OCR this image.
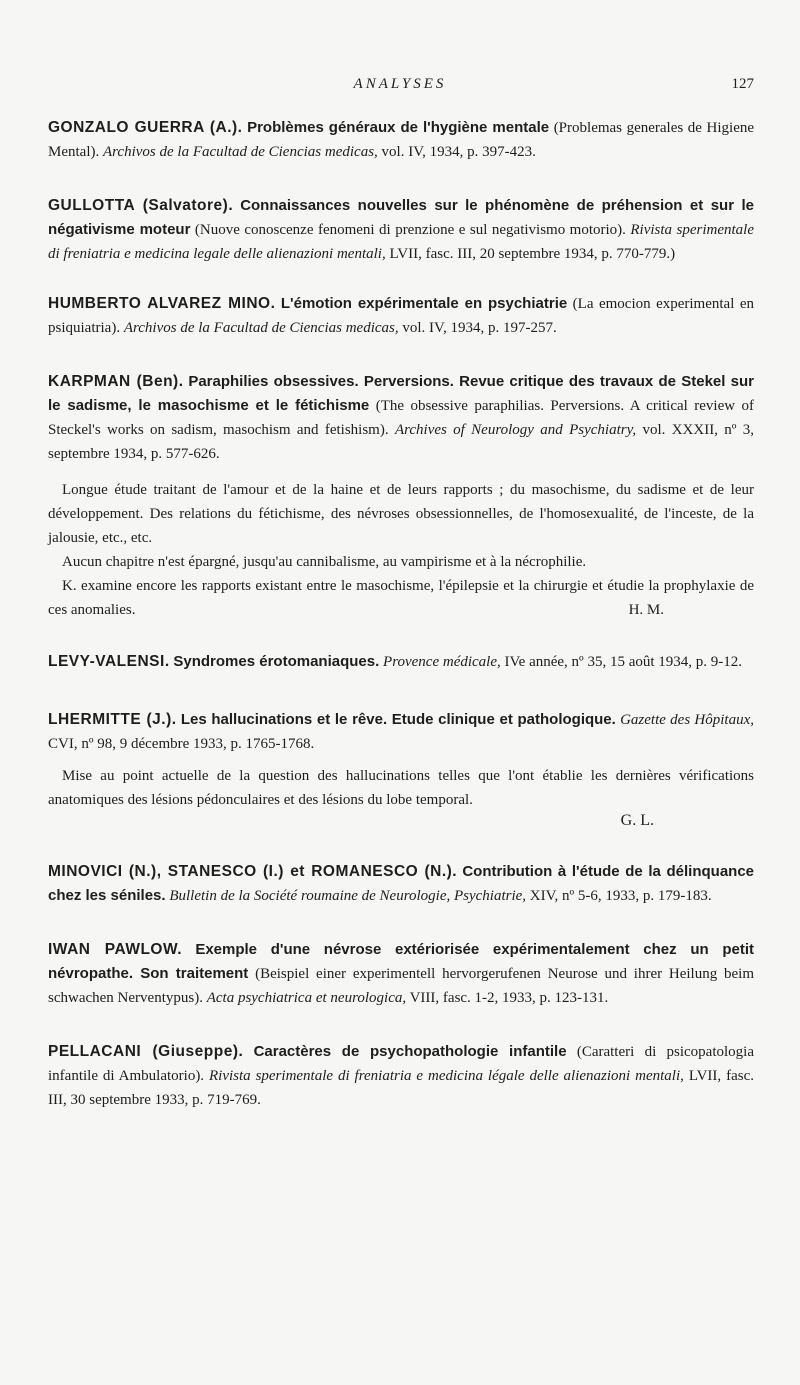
ANALYSES	127

GONZALO GUERRA (A.). Problèmes généraux de l'hygiène mentale (Problemas generales de Higiene Mental). Archivos de la Facultad de Ciencias medicas, vol. IV, 1934, p. 397-423.

GULLOTTA (Salvatore). Connaissances nouvelles sur le phénomène de préhension et sur le négativisme moteur (Nuove conoscenze fenomeni di prenzione e sul negativismo motorio). Rivista sperimentale di freniatria e medicina legale delle alienazioni mentali, LVII, fasc. III, 20 septembre 1934, p. 770-779.)

HUMBERTO ALVAREZ MINO. L'émotion expérimentale en psychiatrie (La emocion experimental en psiquiatria). Archivos de la Facultad de Ciencias medicas, vol. IV, 1934, p. 197-257.

KARPMAN (Ben). Paraphilies obsessives. Perversions. Revue critique des travaux de Stekel sur le sadisme, le masochisme et le fétichisme (The obsessive paraphilias. Perversions. A critical review of Steckel's works on sadism, masochism and fetishism). Archives of Neurology and Psychiatry, vol. XXXII, nº 3, septembre 1934, p. 577-626.

Longue étude traitant de l'amour et de la haine et de leurs rapports ; du masochisme, du sadisme et de leur développement. Des relations du fétichisme, des névroses obsessionnelles, de l'homosexualité, de l'inceste, de la jalousie, etc., etc.

Aucun chapitre n'est épargné, jusqu'au cannibalisme, au vampirisme et à la nécrophilie.

K. examine encore les rapports existant entre le masochisme, l'épilepsie et la chirurgie et étudie la prophylaxie de ces anomalies.	H. M.

LEVY-VALENSI. Syndromes érotomaniaques. Provence médicale, IVe année, nº 35, 15 août 1934, p. 9-12.

LHERMITTE (J.). Les hallucinations et le rêve. Etude clinique et pathologique. Gazette des Hôpitaux, CVI, nº 98, 9 décembre 1933, p. 1765-1768.

Mise au point actuelle de la question des hallucinations telles que l'ont établie les dernières vérifications anatomiques des lésions pédonculaires et des lésions du lobe temporal.

G. L.

MINOVICI (N.), STANESCO (I.) et ROMANESCO (N.). Contribution à l'étude de la délinquance chez les séniles. Bulletin de la Société roumaine de Neurologie, Psychiatrie, XIV, nº 5-6, 1933, p. 179-183.

IWAN PAWLOW. Exemple d'une névrose extériorisée expérimentalement chez un petit névropathe. Son traitement (Beispiel einer experimentell hervorgerufenen Neurose und ihrer Heilung beim schwachen Nerventypus). Acta psychiatrica et neurologica, VIII, fasc. 1-2, 1933, p. 123-131.

PELLACANI (Giuseppe). Caractères de psychopathologie infantile (Caratteri di psicopatologia infantile di Ambulatorio). Rivista sperimentale di freniatria e medicina légale delle alienazioni mentali, LVII, fasc. III, 30 septembre 1933, p. 719-769.
